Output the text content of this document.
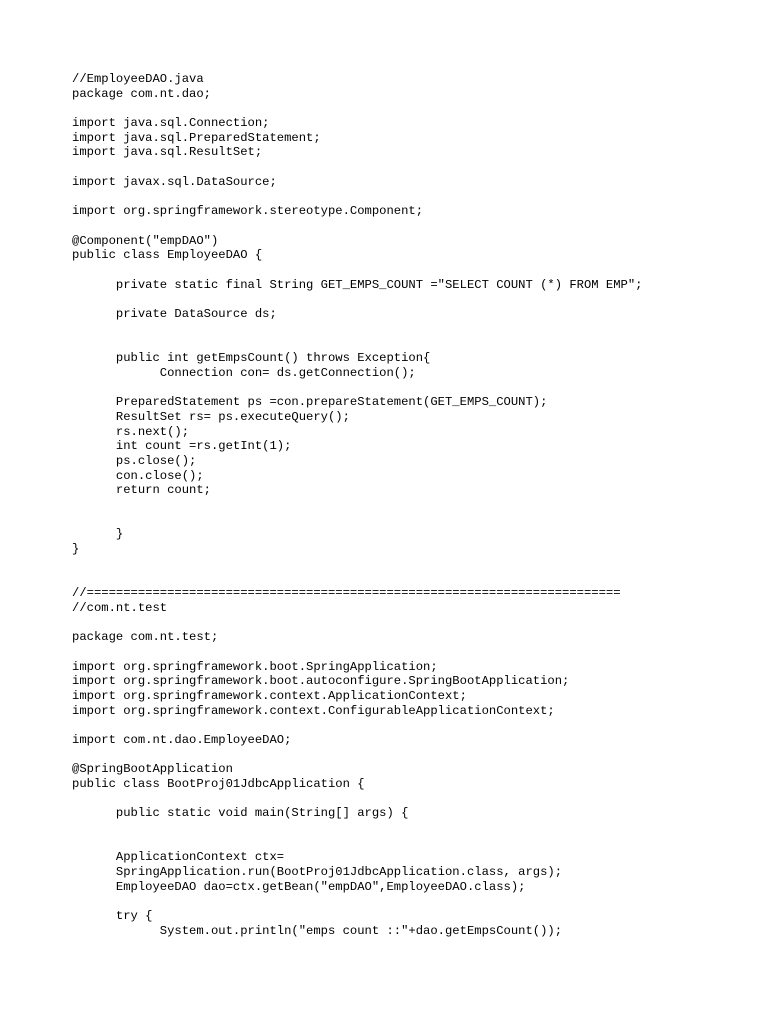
//EmployeeDAO.java
package com.nt.dao;
import java.sql.Connection;
import java.sql.PreparedStatement;
import java.sql.ResultSet;
import javax.sql.DataSource;
import org.springframework.stereotype.Component;
@Component("empDAO")
public class EmployeeDAO {
private static final String GET_EMPS_COUNT ="SELECT COUNT (*) FROM EMP";
private DataSource ds;
public int getEmpsCount() throws Exception{
Connection con= ds.getConnection();
PreparedStatement ps =con.prepareStatement(GET_EMPS_COUNT);
ResultSet rs= ps.executeQuery();
rs.next();
int count =rs.getInt(1);
ps.close();
con.close();
return count;
}
}
//=========================================================================
//com.nt.test
package com.nt.test;
import org.springframework.boot.SpringApplication;
import org.springframework.boot.autoconfigure.SpringBootApplication;
import org.springframework.context.ApplicationContext;
import org.springframework.context.ConfigurableApplicationContext;
import com.nt.dao.EmployeeDAO;
@SpringBootApplication
public class BootProj01JdbcApplication {
public static void main(String[] args) {
ApplicationContext ctx=
SpringApplication.run(BootProj01JdbcApplication.class, args);
EmployeeDAO dao=ctx.getBean("empDAO",EmployeeDAO.class);
try {
System.out.println("emps count ::"+dao.getEmpsCount());
